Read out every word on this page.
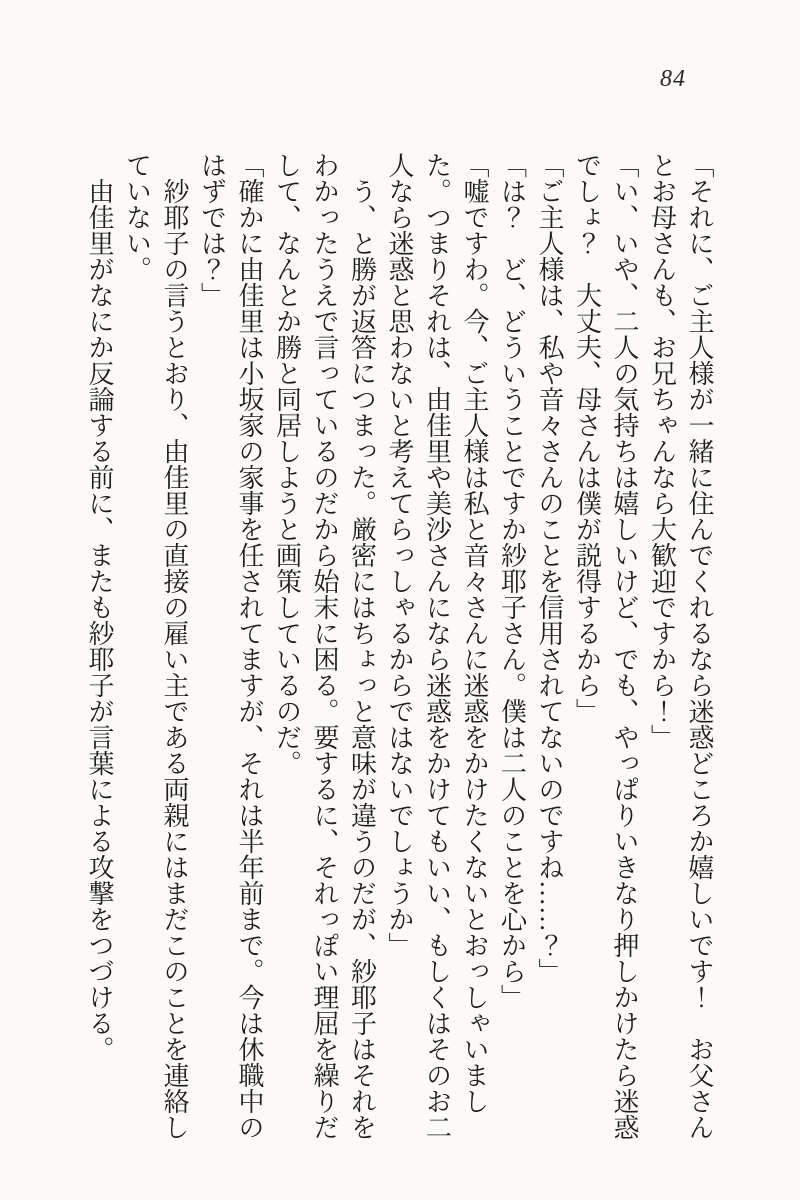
84

「それに、ご主人様が一緒に住んでくれるなら迷惑どころか嬉しいです！　お父さんとお母さんも、お兄ちゃんなら大歓迎ですから！」

「い、いや、二人の気持ちは嬉しいけど、でも、やっぱりいきなり押しかけたら迷惑でしょ？　大丈夫、母さんは僕が説得するから」

「ご主人様は、私や音々さんのことを信用されてないのですね……？」

「は？　ど、どういうことですか紗耶子さん。僕は二人のことを心から」

「嘘ですわ。今、ご主人様は私と音々さんに迷惑をかけたくないとおっしゃいました。つまりそれは、由佳里や美沙さんになら迷惑をかけてもいい、もしくはそのお二人なら迷惑と思わないと考えてらっしゃるからではないでしょうか」

う、と勝が返答につまった。厳密にはちょっと意味が違うのだが、紗耶子はそれをわかったうえで言っているのだから始末に困る。要するに、それっぽい理屈を繰りだして、なんとか勝と同居しようと画策しているのだ。

「確かに由佳里は小坂家の家事を任されてますが、それは半年前まで。今は休職中のはずでは？」

紗耶子の言うとおり、由佳里の直接の雇い主である両親にはまだこのことを連絡していない。

由佳里がなにか反論する前に、またも紗耶子が言葉による攻撃をつづける。
